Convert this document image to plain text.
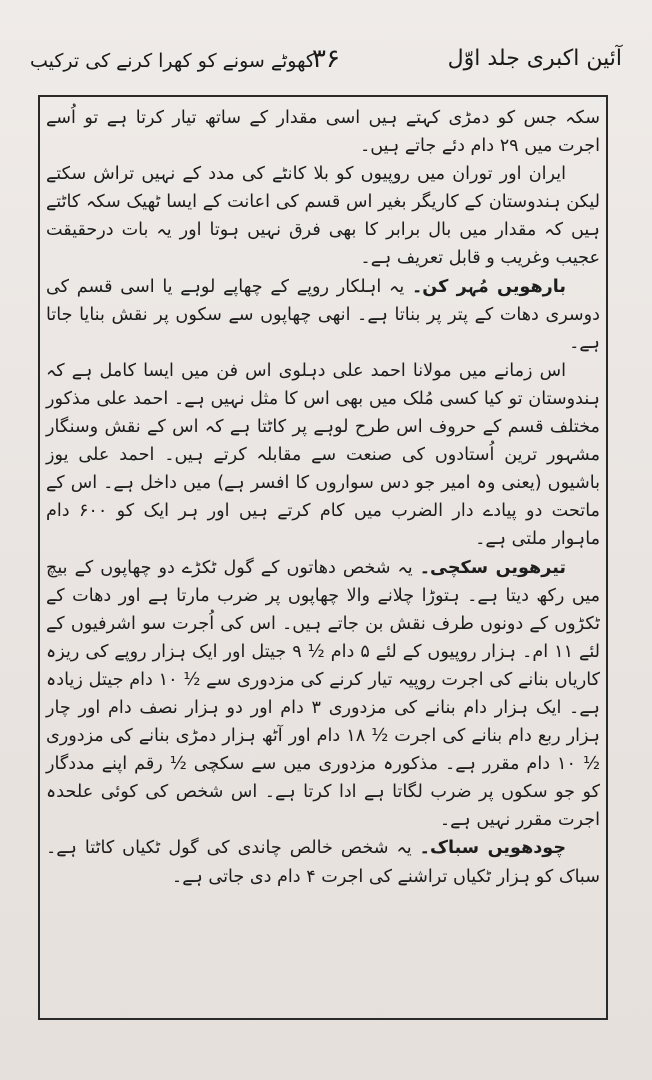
آئین اکبری جلد اوّل
۳۶
کھوٹے سونے کو کھرا کرنے کی ترکیب

سکہ جس کو دمڑی کہتے ہیں اسی مقدار کے ساتھ تیار کرتا ہے تو اُسے اجرت میں ۲۹ دام دئے جاتے ہیں۔

ایران اور توران میں روپیوں کو بلا کانٹے کی مدد کے نہیں تراش سکتے لیکن ہندوستان کے کاریگر بغیر اس قسم کی اعانت کے ایسا ٹھیک سکہ کاٹتے ہیں کہ مقدار میں بال برابر کا بھی فرق نہیں ہوتا اور یہ بات درحقیقت عجیب وغریب و قابل تعریف ہے۔

بارھویں مُہر کن۔ یہ اہلکار روپے کے چھاپے لوہے یا اسی قسم کی دوسری دھات کے پتر پر بناتا ہے۔ انھی چھاپوں سے سکوں پر نقش بنایا جاتا ہے۔

اس زمانے میں مولانا احمد علی دہلوی اس فن میں ایسا کامل ہے کہ ہندوستان تو کیا کسی مُلک میں بھی اس کا مثل نہیں ہے۔ احمد علی مذکور مختلف قسم کے حروف اس طرح لوہے پر کاٹتا ہے کہ اس کے نقش وسنگار مشہور ترین اُستادوں کی صنعت سے مقابلہ کرتے ہیں۔ احمد علی یوز باشیوں (یعنی وہ امیر جو دس سواروں کا افسر ہے) میں داخل ہے۔ اس کے ماتحت دو پیادے دار الضرب میں کام کرتے ہیں اور ہر ایک کو ۶۰۰ دام ماہوار ملتی ہے۔

تیرھویں سکچی۔ یہ شخص دھاتوں کے گول ٹکڑے دو چھاپوں کے بیچ میں رکھ دیتا ہے۔ ہتوڑا چلانے والا چھاپوں پر ضرب مارتا ہے اور دھات کے ٹکڑوں کے دونوں طرف نقش بن جاتے ہیں۔ اس کی اُجرت سو اشرفیوں کے لئے ۱۱ ام۔ ہزار روپیوں کے لئے ۵ دام ½ ۹ جیتل اور ایک ہزار روپے کی ریزہ کاریاں بنانے کی اجرت روپیہ تیار کرنے کی مزدوری سے ½ ۱۰ دام جیتل زیادہ ہے۔ ایک ہزار دام بنانے کی مزدوری ۳ دام اور دو ہزار نصف دام اور چار ہزار ربع دام بنانے کی اجرت ½ ۱۸ دام اور آٹھ ہزار دمڑی بنانے کی مزدوری ½ ۱۰ دام مقرر ہے۔ مذکورہ مزدوری میں سے سکچی ½ رقم اپنے مددگار کو جو سکوں پر ضرب لگاتا ہے ادا کرتا ہے۔ اس شخص کی کوئی علحدہ اجرت مقرر نہیں ہے۔

چودھویں سباک۔ یہ شخص خالص چاندی کی گول ٹکیاں کاٹتا ہے۔ سباک کو ہزار ٹکیاں تراشنے کی اجرت ۴ دام دی جاتی ہے۔
